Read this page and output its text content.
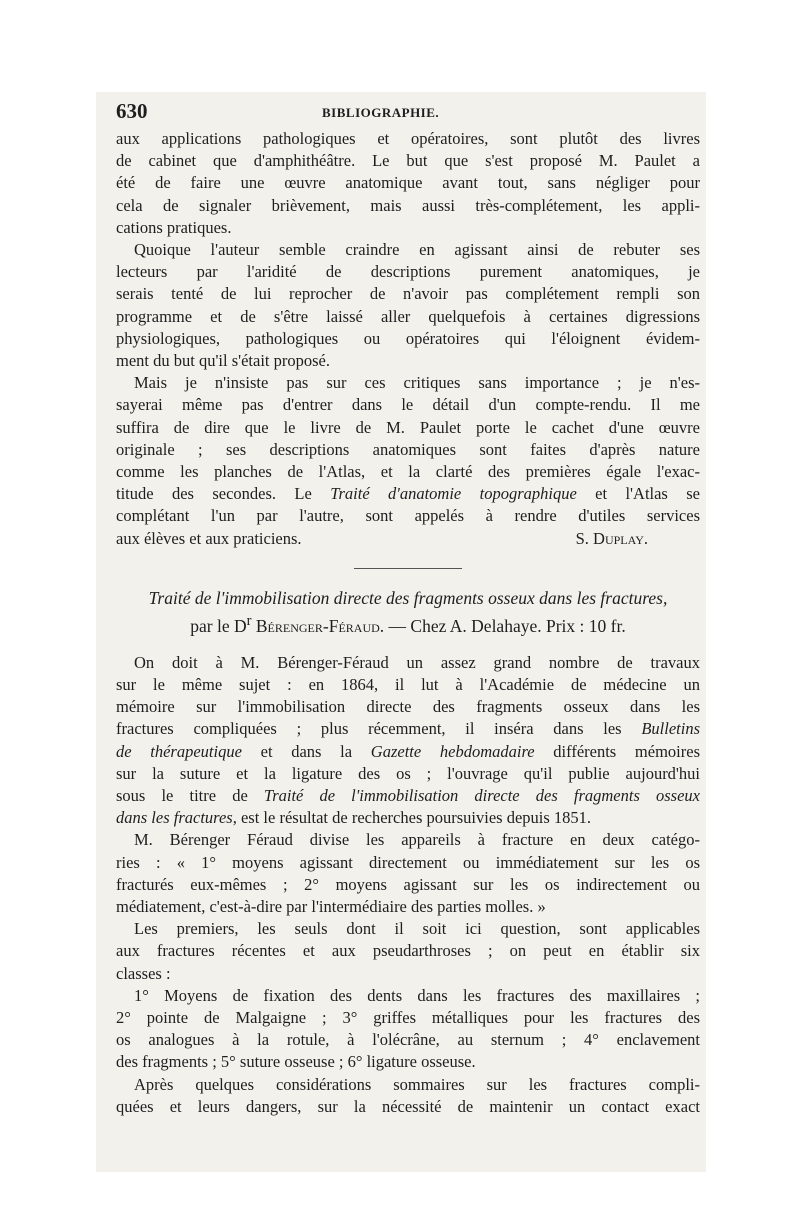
630	BIBLIOGRAPHIE.
aux applications pathologiques et opératoires, sont plutôt des livres
de cabinet que d'amphithéâtre. Le but que s'est proposé M. Paulet a
été de faire une œuvre anatomique avant tout, sans négliger pour
cela de signaler brièvement, mais aussi très-complétement, les appli-
cations pratiques.
Quoique l'auteur semble craindre en agissant ainsi de rebuter ses
lecteurs par l'aridité de descriptions purement anatomiques, je
serais tenté de lui reprocher de n'avoir pas complétement rempli son
programme et de s'être laissé aller quelquefois à certaines digressions
physiologiques, pathologiques ou opératoires qui l'éloignent évidem-
ment du but qu'il s'était proposé.
Mais je n'insiste pas sur ces critiques sans importance ; je n'es-
sayerai même pas d'entrer dans le détail d'un compte-rendu. Il me
suffira de dire que le livre de M. Paulet porte le cachet d'une œuvre
originale ; ses descriptions anatomiques sont faites d'après nature
comme les planches de l'Atlas, et la clarté des premières égale l'exac-
titude des secondes. Le Traité d'anatomie topographique et l'Atlas se
complétant l'un par l'autre, sont appelés à rendre d'utiles services
aux élèves et aux praticiens.	S. Duplay.
Traité de l'immobilisation directe des fragments osseux dans les fractures,
par le $D^r$ Bérenger-Féraud. — Chez A. Delahaye. Prix : 10 fr.
On doit à M. Bérenger-Féraud un assez grand nombre de travaux
sur le même sujet : en 1864, il lut à l'Académie de médecine un
mémoire sur l'immobilisation directe des fragments osseux dans les
fractures compliquées ; plus récemment, il inséra dans les Bulletins
de thérapeutique et dans la Gazette hebdomadaire différents mémoires
sur la suture et la ligature des os ; l'ouvrage qu'il publie aujourd'hui
sous le titre de Traité de l'immobilisation directe des fragments osseux
dans les fractures, est le résultat de recherches poursuivies depuis 1851.
M. Bérenger Féraud divise les appareils à fracture en deux catégo-
ries : « 1° moyens agissant directement ou immédiatement sur les os
fracturés eux-mêmes ; 2° moyens agissant sur les os indirectement ou
médiatement, c'est-à-dire par l'intermédiaire des parties molles. »
Les premiers, les seuls dont il soit ici question, sont applicables
aux fractures récentes et aux pseudarthroses ; on peut en établir six
classes :
1° Moyens de fixation des dents dans les fractures des maxillaires ;
2° pointe de Malgaigne ; 3° griffes métalliques pour les fractures des
os analogues à la rotule, à l'olécrâne, au sternum ; 4° enclavement
des fragments ; 5° suture osseuse ; 6° ligature osseuse.
Après quelques considérations sommaires sur les fractures compli-
quées et leurs dangers, sur la nécessité de maintenir un contact exact
